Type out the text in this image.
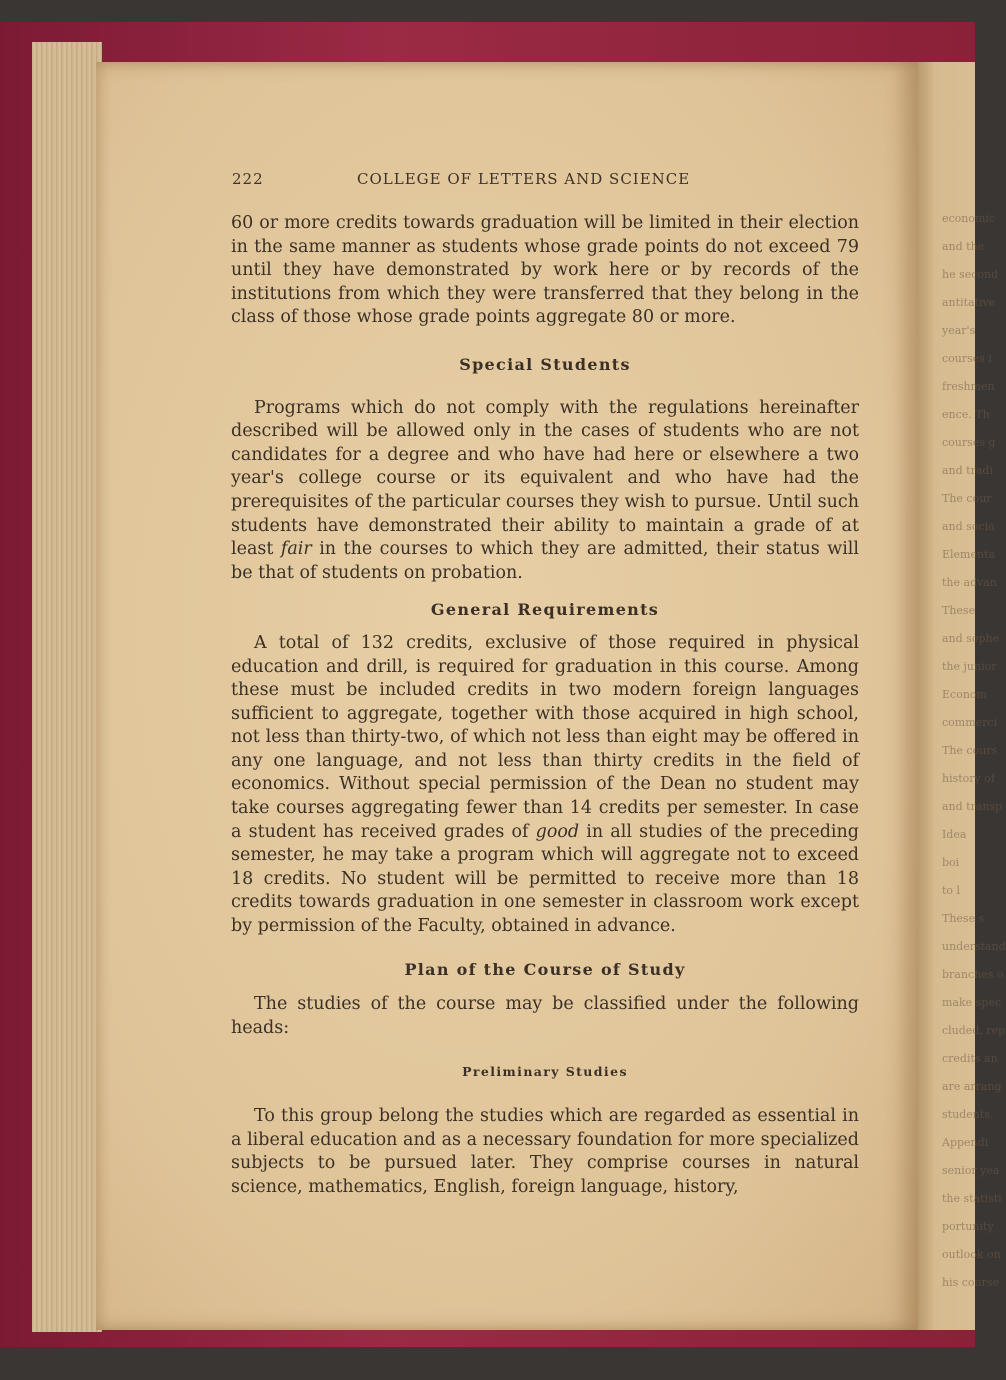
economic
and the
he second
antitative
year's
courses i
freshmen
ence. Th
courses g
and tradi
The cour
and socia
Elementa
the advan
These
and sophe
the junior
Econom
commerci
The cours
history of
and transp
Idea
boi
to l
These s
understand
branches o
make spec
cluded, rep
credits an
are arrang
students.
Appendi
senior yea
the statisti
portunity
outlook on
his course
222	COLLEGE OF LETTERS AND SCIENCE

60 or more credits towards graduation will be limited in their election in the same manner as students whose grade points do not exceed 79 until they have demonstrated by work here or by records of the institutions from which they were transferred that they belong in the class of those whose grade points aggregate 80 or more.

Special Students

Programs which do not comply with the regulations hereinafter described will be allowed only in the cases of students who are not candidates for a degree and who have had here or elsewhere a two year's college course or its equivalent and who have had the prerequisites of the particular courses they wish to pursue. Until such students have demonstrated their ability to maintain a grade of at least fair in the courses to which they are admitted, their status will be that of students on probation.

General Requirements

A total of 132 credits, exclusive of those required in physical education and drill, is required for graduation in this course. Among these must be included credits in two modern foreign languages sufficient to aggregate, together with those acquired in high school, not less than thirty-two, of which not less than eight may be offered in any one language, and not less than thirty credits in the field of economics. Without special permission of the Dean no student may take courses aggregating fewer than 14 credits per semester. In case a student has received grades of good in all studies of the preceding semester, he may take a program which will aggregate not to exceed 18 credits. No student will be permitted to receive more than 18 credits towards graduation in one semester in classroom work except by permission of the Faculty, obtained in advance.

Plan of the Course of Study

The studies of the course may be classified under the following heads:

Preliminary Studies

To this group belong the studies which are regarded as essential in a liberal education and as a necessary foundation for more specialized subjects to be pursued later. They comprise courses in natural science, mathematics, English, foreign language, history,
